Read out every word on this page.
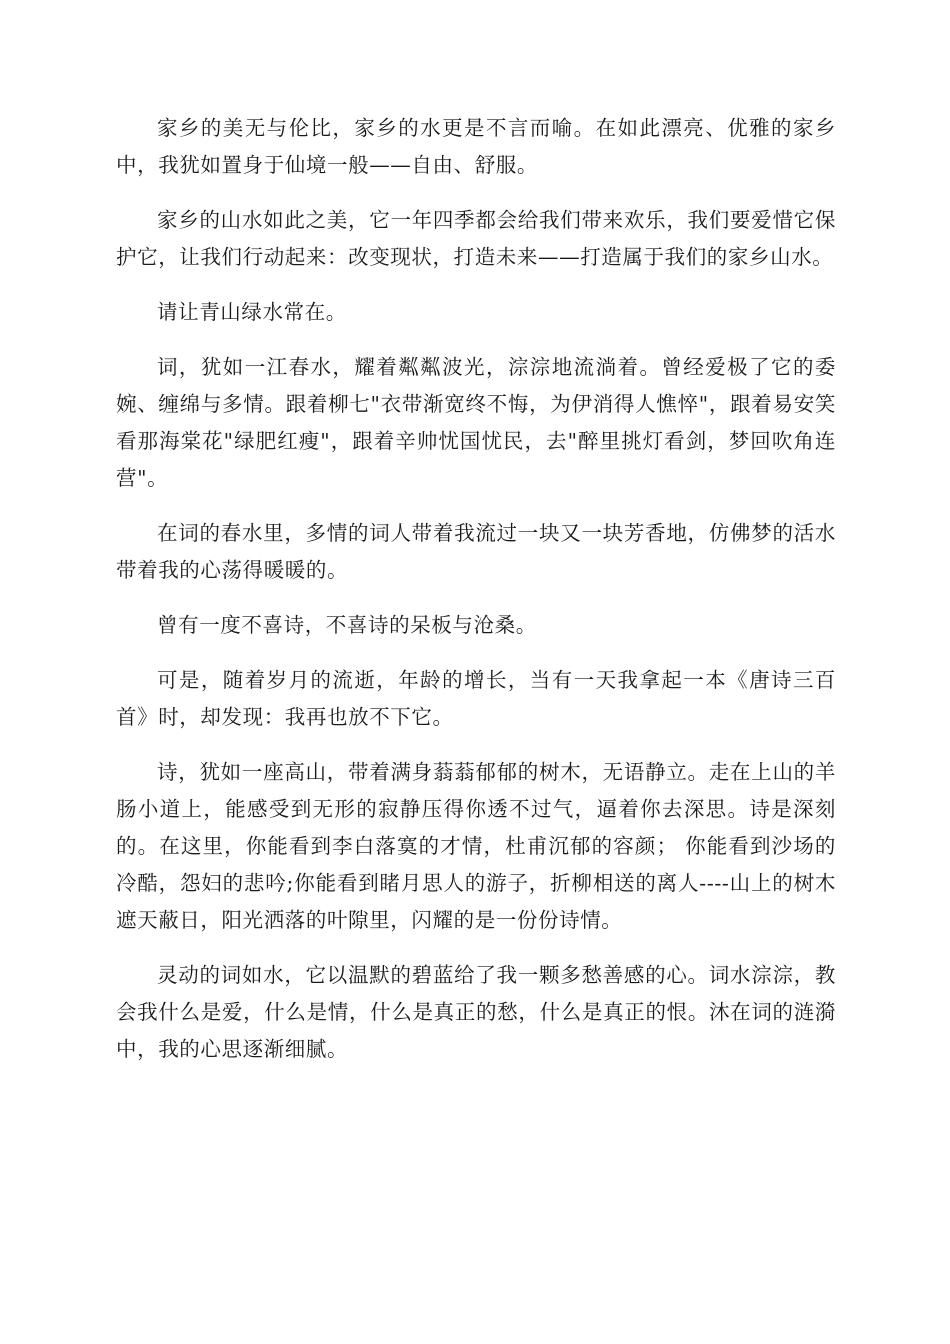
家乡的美无与伦比，家乡的水更是不言而喻。在如此漂亮、优雅的家乡中，我犹如置身于仙境一般——自由、舒服。

家乡的山水如此之美，它一年四季都会给我们带来欢乐，我们要爱惜它保护它，让我们行动起来：改变现状，打造未来——打造属于我们的家乡山水。

请让青山绿水常在。

词，犹如一江春水，耀着粼粼波光，淙淙地流淌着。曾经爱极了它的委婉、缠绵与多情。跟着柳七"衣带渐宽终不悔，为伊消得人憔悴"，跟着易安笑看那海棠花"绿肥红瘦"，跟着辛帅忧国忧民，去"醉里挑灯看剑，梦回吹角连营"。

在词的春水里，多情的词人带着我流过一块又一块芳香地，仿佛梦的活水带着我的心荡得暖暖的。

曾有一度不喜诗，不喜诗的呆板与沧桑。

可是，随着岁月的流逝，年龄的增长，当有一天我拿起一本《唐诗三百首》时，却发现：我再也放不下它。

诗，犹如一座高山，带着满身蓊蓊郁郁的树木，无语静立。走在上山的羊肠小道上，能感受到无形的寂静压得你透不过气，逼着你去深思。诗是深刻的。在这里，你能看到李白落寞的才情，杜甫沉郁的容颜； 你能看到沙场的冷酷，怨妇的悲吟;你能看到睹月思人的游子，折柳相送的离人----山上的树木遮天蔽日，阳光洒落的叶隙里，闪耀的是一份份诗情。

灵动的词如水，它以温默的碧蓝给了我一颗多愁善感的心。词水淙淙，教会我什么是爱，什么是情，什么是真正的愁，什么是真正的恨。沐在词的涟漪中，我的心思逐渐细腻。
